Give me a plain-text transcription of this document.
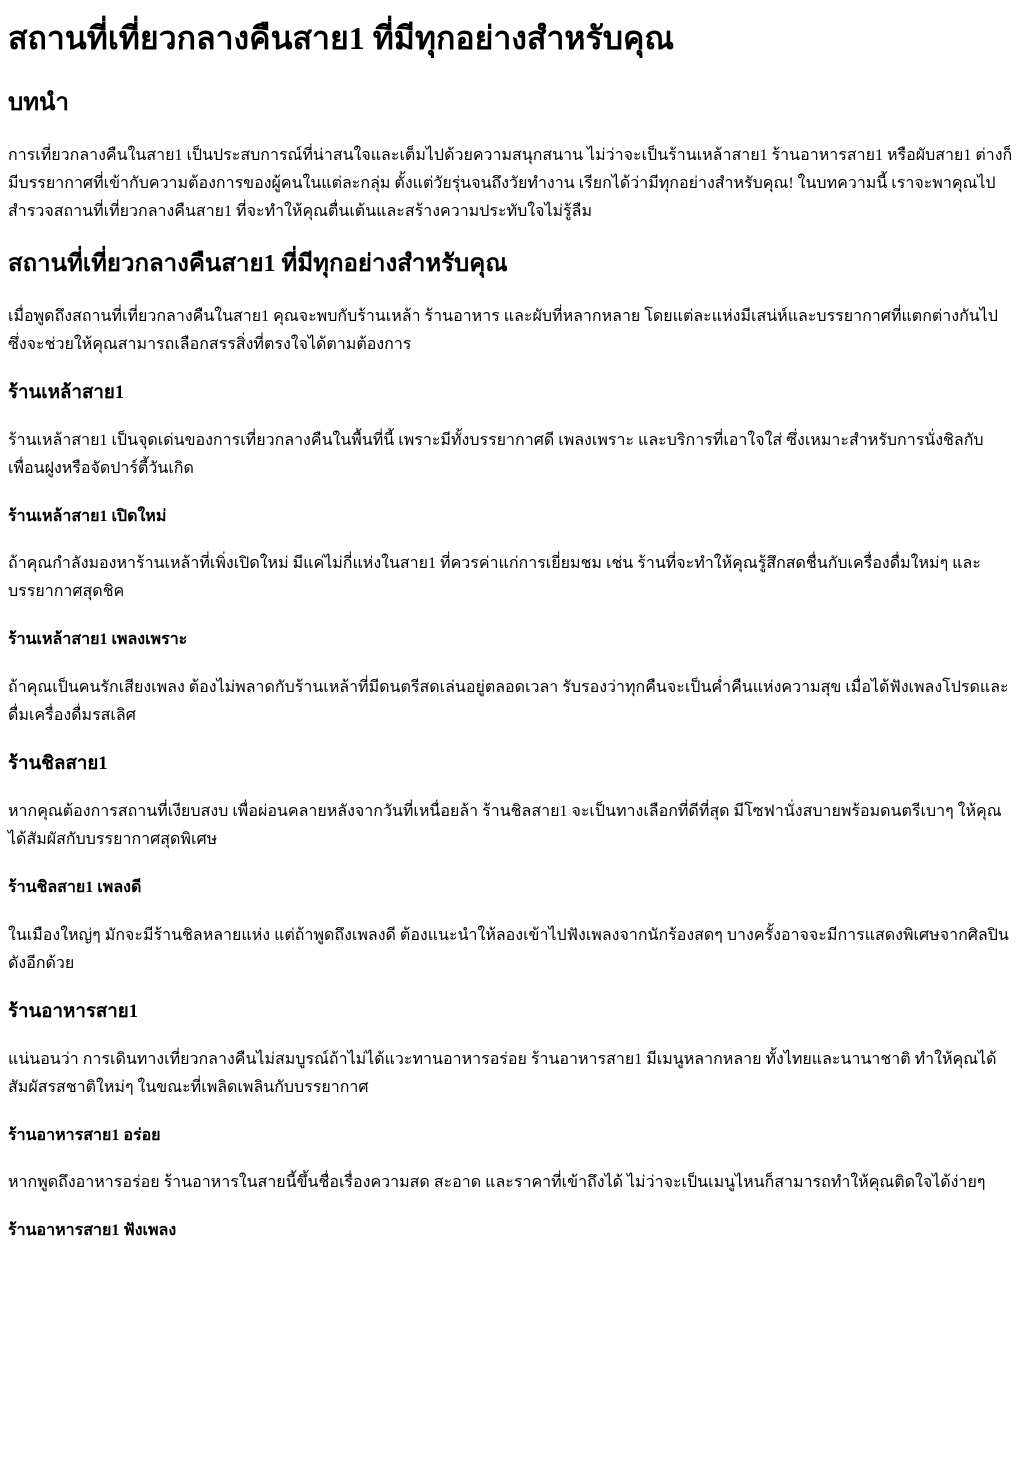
สถานที่เที่ยวกลางคืนสาย1 ที่มีทุกอย่างสำหรับคุณ
บทนำ

การเที่ยวกลางคืนในสาย1 เป็นประสบการณ์ที่น่าสนใจและเต็มไปด้วยความสนุกสนาน ไม่ว่าจะเป็นร้านเหล้าสาย1 ร้านอาหารสาย1 หรือผับสาย1 ต่างก็มีบรรยากาศที่เข้ากับความต้องการของผู้คนในแต่ละกลุ่ม ตั้งแต่วัยรุ่นจนถึงวัยทำงาน เรียกได้ว่ามีทุกอย่างสำหรับคุณ! ในบทความนี้ เราจะพาคุณไปสำรวจสถานที่เที่ยวกลางคืนสาย1 ที่จะทำให้คุณตื่นเต้นและสร้างความประทับใจไม่รู้ลืม

สถานที่เที่ยวกลางคืนสาย1 ที่มีทุกอย่างสำหรับคุณ

เมื่อพูดถึงสถานที่เที่ยวกลางคืนในสาย1 คุณจะพบกับร้านเหล้า ร้านอาหาร และผับที่หลากหลาย โดยแต่ละแห่งมีเสน่ห์และบรรยากาศที่แตกต่างกันไป ซึ่งจะช่วยให้คุณสามารถเลือกสรรสิ่งที่ตรงใจได้ตามต้องการ

ร้านเหล้าสาย1

ร้านเหล้าสาย1 เป็นจุดเด่นของการเที่ยวกลางคืนในพื้นที่นี้ เพราะมีทั้งบรรยากาศดี เพลงเพราะ และบริการที่เอาใจใส่ ซึ่งเหมาะสำหรับการนั่งชิลกับเพื่อนฝูงหรือจัดปาร์ตี้วันเกิด

ร้านเหล้าสาย1 เปิดใหม่

ถ้าคุณกำลังมองหาร้านเหล้าที่เพิ่งเปิดใหม่ มีแค่ไม่กี่แห่งในสาย1 ที่ควรค่าแก่การเยี่ยมชม เช่น ร้านที่จะทำให้คุณรู้สึกสดชื่นกับเครื่องดื่มใหม่ๆ และบรรยากาศสุดชิค

ร้านเหล้าสาย1 เพลงเพราะ

ถ้าคุณเป็นคนรักเสียงเพลง ต้องไม่พลาดกับร้านเหล้าที่มีดนตรีสดเล่นอยู่ตลอดเวลา รับรองว่าทุกคืนจะเป็นค่ำคืนแห่งความสุข เมื่อได้ฟังเพลงโปรดและดื่มเครื่องดื่มรสเลิศ

ร้านชิลสาย1

หากคุณต้องการสถานที่เงียบสงบ เพื่อผ่อนคลายหลังจากวันที่เหนื่อยล้า ร้านชิลสาย1 จะเป็นทางเลือกที่ดีที่สุด มีโซฟานั่งสบายพร้อมดนตรีเบาๆ ให้คุณได้สัมผัสกับบรรยากาศสุดพิเศษ

ร้านชิลสาย1 เพลงดี

ในเมืองใหญ่ๆ มักจะมีร้านชิลหลายแห่ง แต่ถ้าพูดถึงเพลงดี ต้องแนะนำให้ลองเข้าไปฟังเพลงจากนักร้องสดๆ บางครั้งอาจจะมีการแสดงพิเศษจากศิลปินดังอีกด้วย

ร้านอาหารสาย1

แน่นอนว่า การเดินทางเที่ยวกลางคืนไม่สมบูรณ์ถ้าไม่ได้แวะทานอาหารอร่อย ร้านอาหารสาย1 มีเมนูหลากหลาย ทั้งไทยและนานาชาติ ทำให้คุณได้สัมผัสรสชาติใหม่ๆ ในขณะที่เพลิดเพลินกับบรรยากาศ

ร้านอาหารสาย1 อร่อย

หากพูดถึงอาหารอร่อย ร้านอาหารในสายนี้ขึ้นชื่อเรื่องความสด สะอาด และราคาที่เข้าถึงได้ ไม่ว่าจะเป็นเมนูไหนก็สามารถทำให้คุณติดใจได้ง่ายๆ

ร้านอาหารสาย1 ฟังเพลง
